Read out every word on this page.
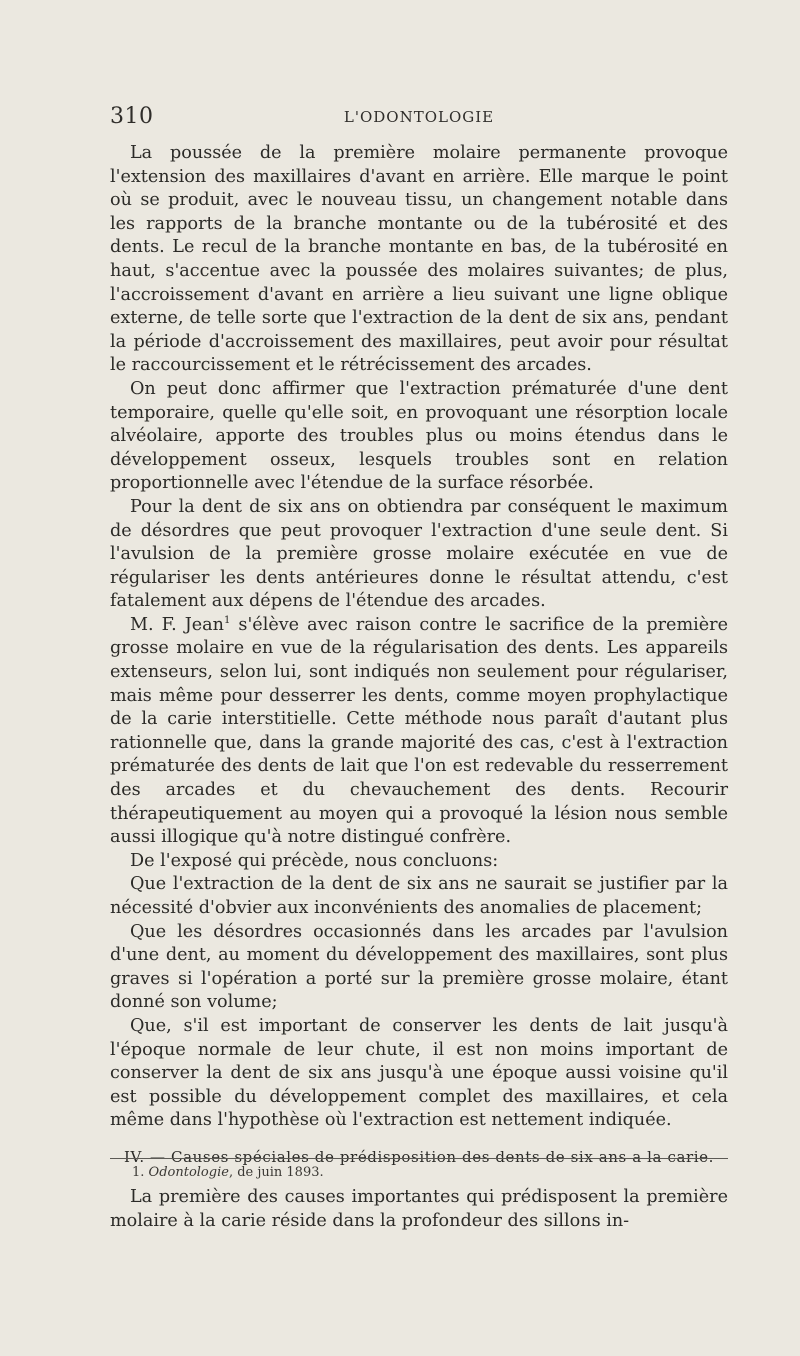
310	L'ODONTOLOGIE

La poussée de la première molaire permanente provoque l'extension des maxillaires d'avant en arrière. Elle marque le point où se produit, avec le nouveau tissu, un changement notable dans les rapports de la branche montante ou de la tubérosité et des dents. Le recul de la branche montante en bas, de la tubérosité en haut, s'accentue avec la poussée des molaires suivantes; de plus, l'accroissement d'avant en arrière a lieu suivant une ligne oblique externe, de telle sorte que l'extraction de la dent de six ans, pendant la période d'accroissement des maxillaires, peut avoir pour résultat le raccourcissement et le rétrécissement des arcades.

On peut donc affirmer que l'extraction prématurée d'une dent temporaire, quelle qu'elle soit, en provoquant une résorption locale alvéolaire, apporte des troubles plus ou moins étendus dans le développement osseux, lesquels troubles sont en relation proportionnelle avec l'étendue de la surface résorbée.

Pour la dent de six ans on obtiendra par conséquent le maximum de désordres que peut provoquer l'extraction d'une seule dent. Si l'avulsion de la première grosse molaire exécutée en vue de régulariser les dents antérieures donne le résultat attendu, c'est fatalement aux dépens de l'étendue des arcades.

M. F. Jean$^1$ s'élève avec raison contre le sacrifice de la première grosse molaire en vue de la régularisation des dents. Les appareils extenseurs, selon lui, sont indiqués non seulement pour régulariser, mais même pour desserrer les dents, comme moyen prophylactique de la carie interstitielle. Cette méthode nous paraît d'autant plus rationnelle que, dans la grande majorité des cas, c'est à l'extraction prématurée des dents de lait que l'on est redevable du resserrement des arcades et du chevauchement des dents. Recourir thérapeutiquement au moyen qui a provoqué la lésion nous semble aussi illogique qu'à notre distingué confrère.

De l'exposé qui précède, nous concluons:

Que l'extraction de la dent de six ans ne saurait se justifier par la nécessité d'obvier aux inconvénients des anomalies de placement;

Que les désordres occasionnés dans les arcades par l'avulsion d'une dent, au moment du développement des maxillaires, sont plus graves si l'opération a porté sur la première grosse molaire, étant donné son volume;

Que, s'il est important de conserver les dents de lait jusqu'à l'époque normale de leur chute, il est non moins important de conserver la dent de six ans jusqu'à une époque aussi voisine qu'il est possible du développement complet des maxillaires, et cela même dans l'hypothèse où l'extraction est nettement indiquée.

IV. — Causes spéciales de prédisposition des dents de six ans a la carie.

La première des causes importantes qui prédisposent la première molaire à la carie réside dans la profondeur des sillons in-

1. Odontologie, de juin 1893.
